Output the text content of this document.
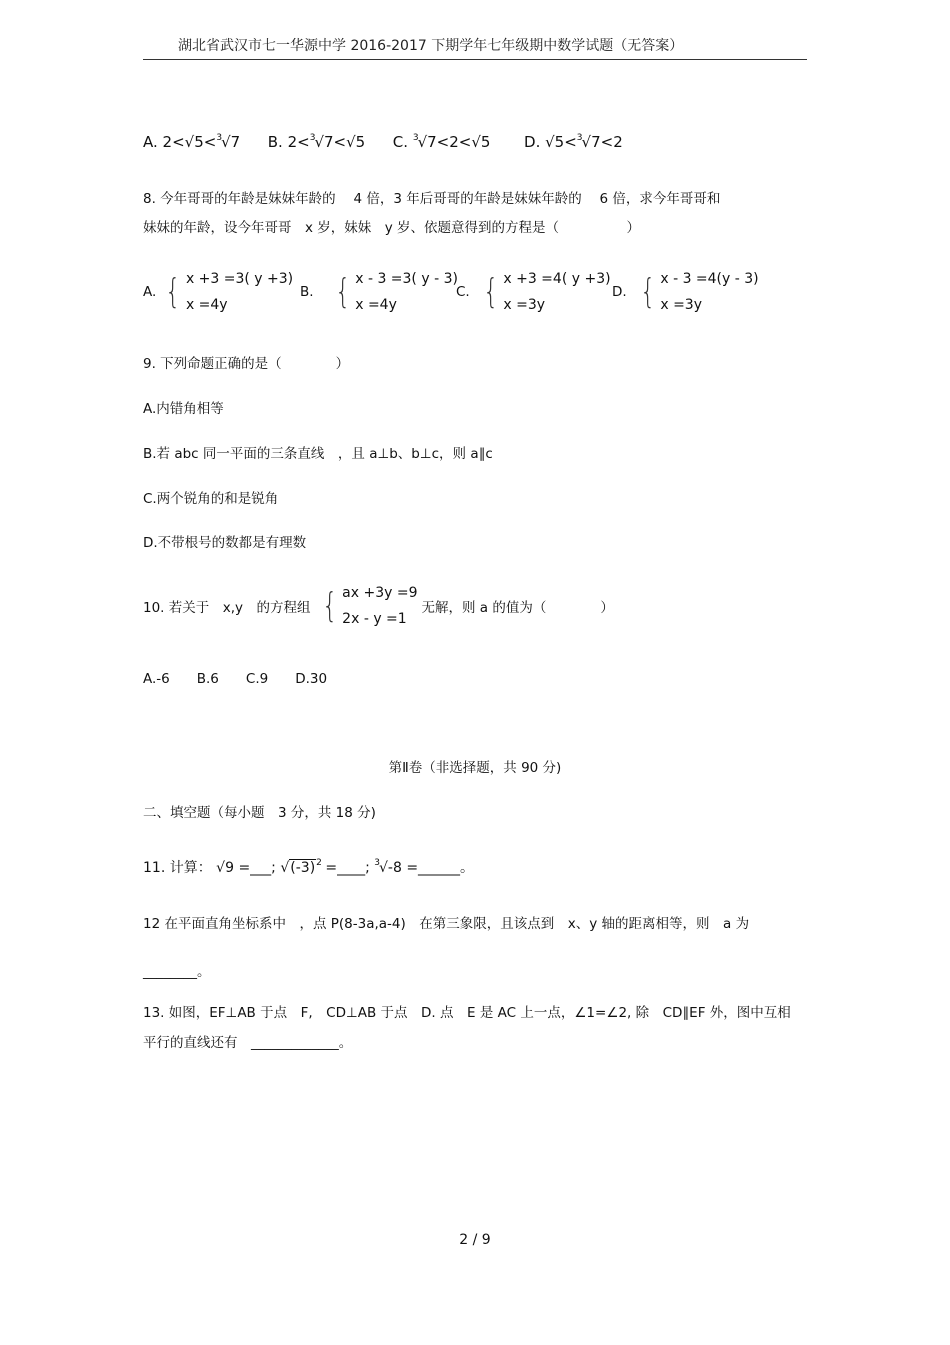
湖北省武汉市七一华源中学 2016-2017 下期学年七年级期中数学试题（无答案）
A. 2<√5<$^3$√7 B. 2<$^3$√7<√5 C. $^3$√7<2<√5 D. √5<$^3$√7<2
8. 今年哥哥的年龄是妹妹年龄的　 4 倍，3 年后哥哥的年龄是妹妹年龄的　 6 倍，求今年哥哥和
妹妹的年龄，设今年哥哥　x 岁，妹妹　y 岁、依题意得到的方程是（　　　　　）
A. { x +3 =3( y +3)
x =4y
B. { x - 3 =3( y - 3)
x =4y
C. { x +3 =4( y +3)
x =3y
D. { x - 3 =4(y - 3)
x =3y
9. 下列命题正确的是（　　　　）
A.内错角相等
B.若 abc 同一平面的三条直线　，且 a⊥b、b⊥c，则 a∥c
C.两个锐角的和是锐角
D.不带根号的数都是有理数
10. 若关于　x,y　的方程组 { ax +3y =9
2x - y =1
无解，则 a 的值为（　　　　）
A.-6　　B.6　　C.9　　D.30
第Ⅱ卷（非选择题，共 90 分)
二、填空题（每小题　3 分，共 18 分)
11. 计算： √9 =___; $√(-3)^2$ =____; $^3$√-8 =______。
12 在平面直角坐标系中　，点 P(8-3a,a-4)　在第三象限，且该点到　x、y 轴的距离相等，则　a 为
________。
13. 如图，EF⊥AB 于点　F,　CD⊥AB 于点　D. 点　E 是 AC 上一点，∠1=∠2, 除　CD∥EF 外，图中互相
平行的直线还有　_____________。
2 / 9
